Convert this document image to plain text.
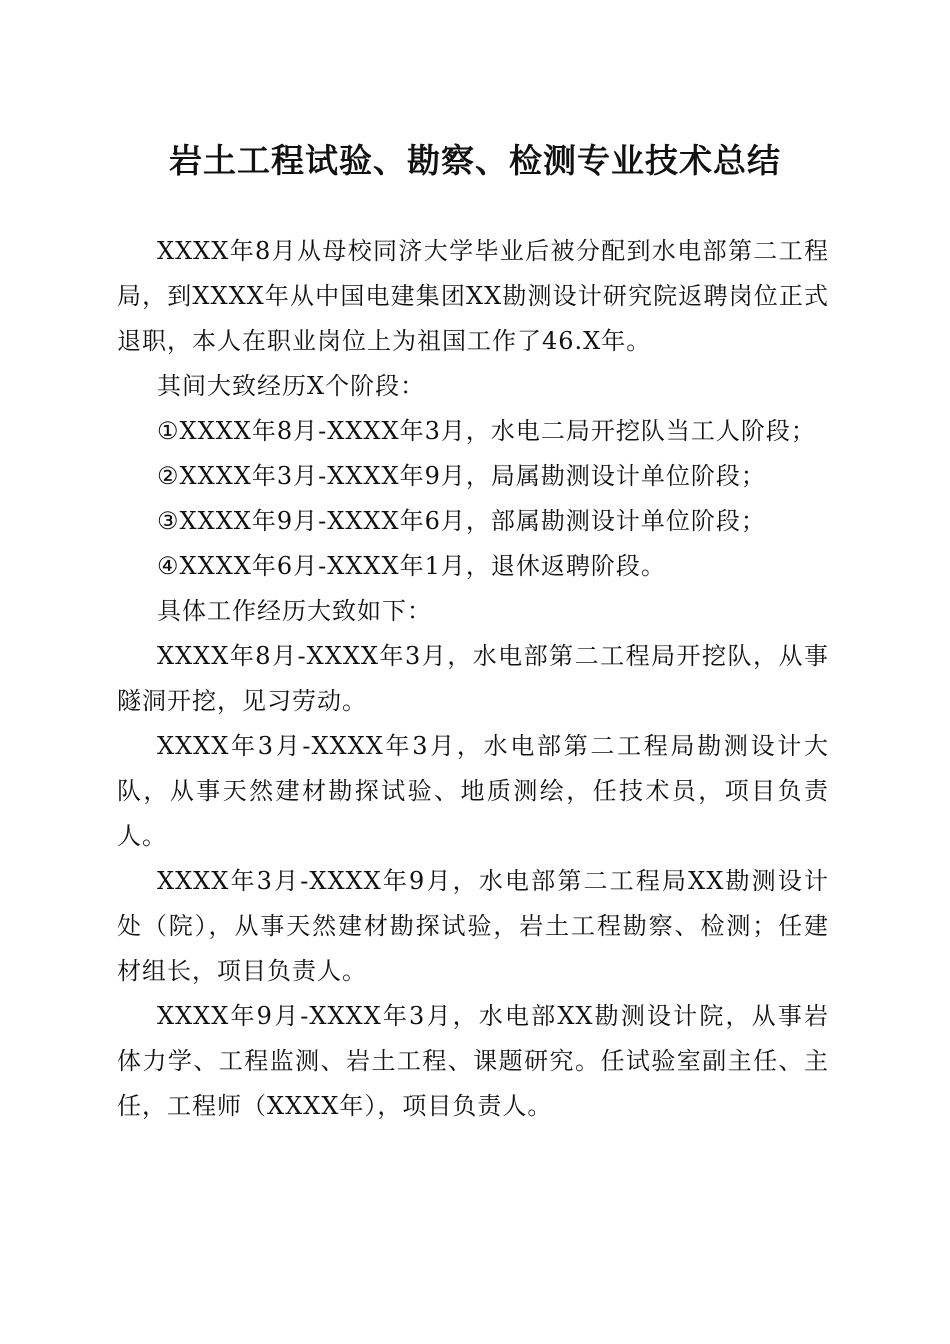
岩土工程试验、勘察、检测专业技术总结

XXXX年8月从母校同济大学毕业后被分配到水电部第二工程局，到XXXX年从中国电建集团XX勘测设计研究院返聘岗位正式退职，本人在职业岗位上为祖国工作了46.X年。

其间大致经历X个阶段：

①XXXX年8月-XXXX年3月，水电二局开挖队当工人阶段；

②XXXX年3月-XXXX年9月，局属勘测设计单位阶段；

③XXXX年9月-XXXX年6月，部属勘测设计单位阶段；

④XXXX年6月-XXXX年1月，退休返聘阶段。

具体工作经历大致如下：

XXXX年8月-XXXX年3月，水电部第二工程局开挖队，从事隧洞开挖，见习劳动。

XXXX年3月-XXXX年3月，水电部第二工程局勘测设计大队，从事天然建材勘探试验、地质测绘，任技术员，项目负责人。

XXXX年3月-XXXX年9月，水电部第二工程局XX勘测设计处（院），从事天然建材勘探试验，岩土工程勘察、检测；任建材组长，项目负责人。

XXXX年9月-XXXX年3月，水电部XX勘测设计院，从事岩体力学、工程监测、岩土工程、课题研究。任试验室副主任、主任，工程师（XXXX年），项目负责人。
